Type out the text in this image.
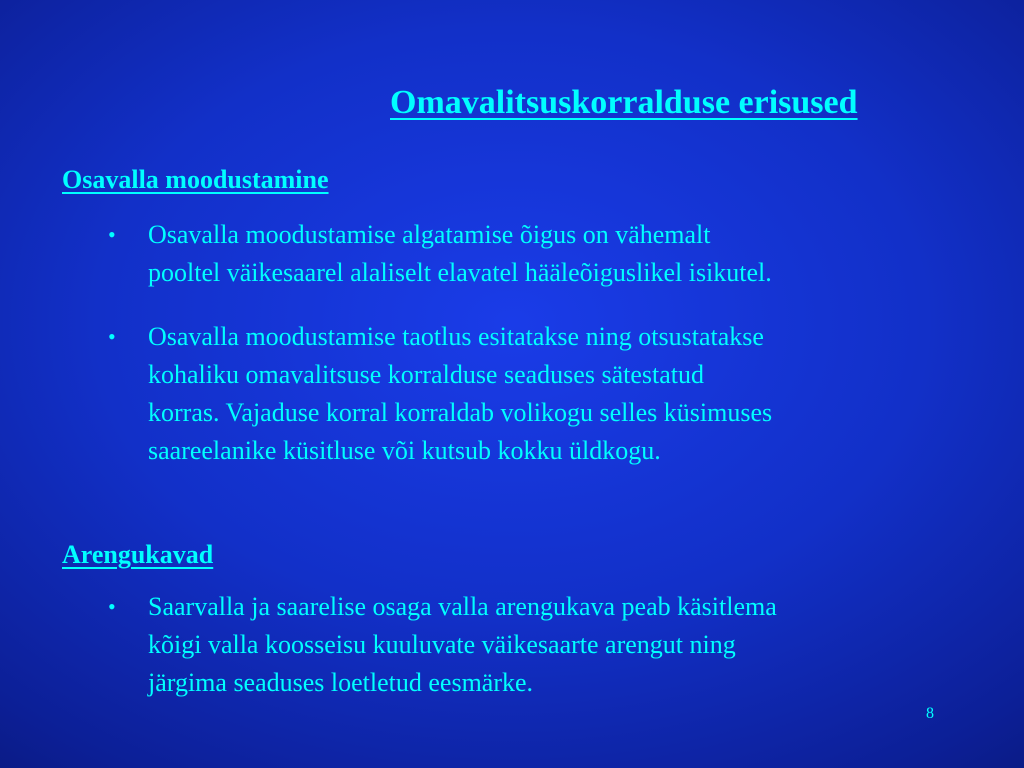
Omavalitsuskorralduse erisused
Osavalla moodustamine
•	Osavalla moodustamise algatamise õigus on vähemalt
pooltel väikesaarel alaliselt elavatel hääleõiguslikel isikutel.
•	Osavalla moodustamise taotlus esitatakse ning otsustatakse
kohaliku omavalitsuse korralduse seaduses sätestatud
korras. Vajaduse korral korraldab volikogu selles küsimuses
saareelanike küsitluse või kutsub kokku üldkogu.
Arengukavad
•	Saarvalla ja saarelise osaga valla arengukava peab käsitlema
kõigi valla koosseisu kuuluvate väikesaarte arengut ning
järgima seaduses loetletud eesmärke.
8
